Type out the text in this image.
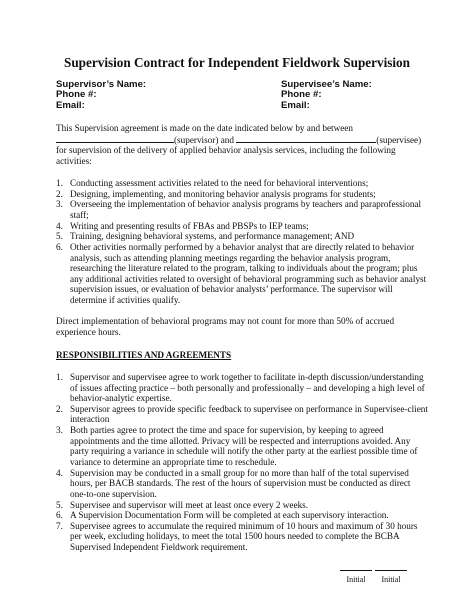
Supervision Contract for Independent Fieldwork Supervision
Supervisor’s Name:
Phone #:
Email:
Supervisee’s Name:
Phone #:
Email:
This Supervision agreement is made on the date indicated below by and between
(supervisor) and	(supervisee)
for supervision of the delivery of applied behavior analysis services, including the following activities:
1. Conducting assessment activities related to the need for behavioral interventions;
2. Designing, implementing, and monitoring behavior analysis programs for students;
3. Overseeing the implementation of behavior analysis programs by teachers and paraprofessional staff;
4. Writing and presenting results of FBAs and PBSPs to IEP teams;
5. Training, designing behavioral systems, and performance management; AND
6. Other activities normally performed by a behavior analyst that are directly related to behavior analysis, such as attending planning meetings regarding the behavior analysis program, researching the literature related to the program, talking to individuals about the program; plus any additional activities related to oversight of behavioral programming such as behavior analyst supervision issues, or evaluation of behavior analysts’ performance. The supervisor will determine if activities qualify.
Direct implementation of behavioral programs may not count for more than 50% of accrued experience hours.
RESPONSIBILITIES AND AGREEMENTS
1. Supervisor and supervisee agree to work together to facilitate in-depth discussion/understanding of issues affecting practice – both personally and professionally – and developing a high level of behavior-analytic expertise.
2. Supervisor agrees to provide specific feedback to supervisee on performance in Supervisee-client interaction
3. Both parties agree to protect the time and space for supervision, by keeping to agreed appointments and the time allotted. Privacy will be respected and interruptions avoided. Any party requiring a variance in schedule will notify the other party at the earliest possible time of variance to determine an appropriate time to reschedule.
4. Supervision may be conducted in a small group for no more than half of the total supervised hours, per BACB standards. The rest of the hours of supervision must be conducted as direct one-to-one supervision.
5. Supervisee and supervisor will meet at least once every 2 weeks.
6. A Supervision Documentation Form will be completed at each supervisory interaction.
7. Supervisee agrees to accumulate the required minimum of 10 hours and maximum of 30 hours per week, excluding holidays, to meet the total 1500 hours needed to complete the BCBA Supervised Independent Fieldwork requirement.
Initial	Initial
